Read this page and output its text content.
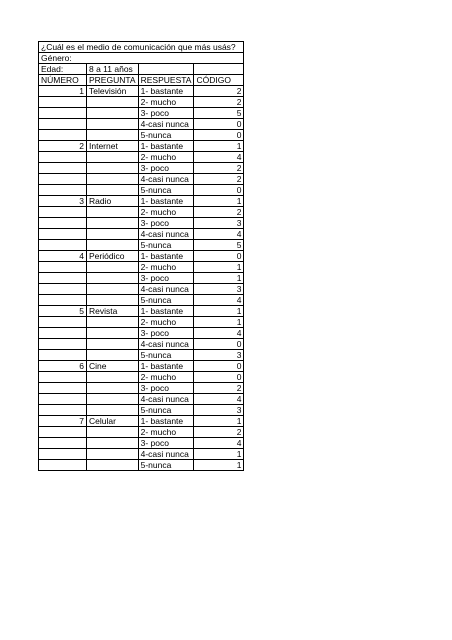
¿Cuál es el medio de comunicación que más usás?			
Género:			
Edad:	8 a 11 años		
NÚMERO	PREGUNTA	RESPUESTA	CÓDIGO
1	Televisión	1- bastante	2
		2- mucho	2
		3- poco	5
		4-casi nunca	0
		5-nunca	0
2	Internet	1- bastante	1
		2- mucho	4
		3- poco	2
		4-casi nunca	2
		5-nunca	0
3	Radio	1- bastante	1
		2- mucho	2
		3- poco	3
		4-casi nunca	4
		5-nunca	5
4	Periódico	1- bastante	0
		2- mucho	1
		3- poco	1
		4-casi nunca	3
		5-nunca	4
5	Revista	1- bastante	1
		2- mucho	1
		3- poco	4
		4-casi nunca	0
		5-nunca	3
6	Cine	1- bastante	0
		2- mucho	0
		3- poco	2
		4-casi nunca	4
		5-nunca	3
7	Celular	1- bastante	1
		2- mucho	2
		3- poco	4
		4-casi nunca	1
		5-nunca	1
